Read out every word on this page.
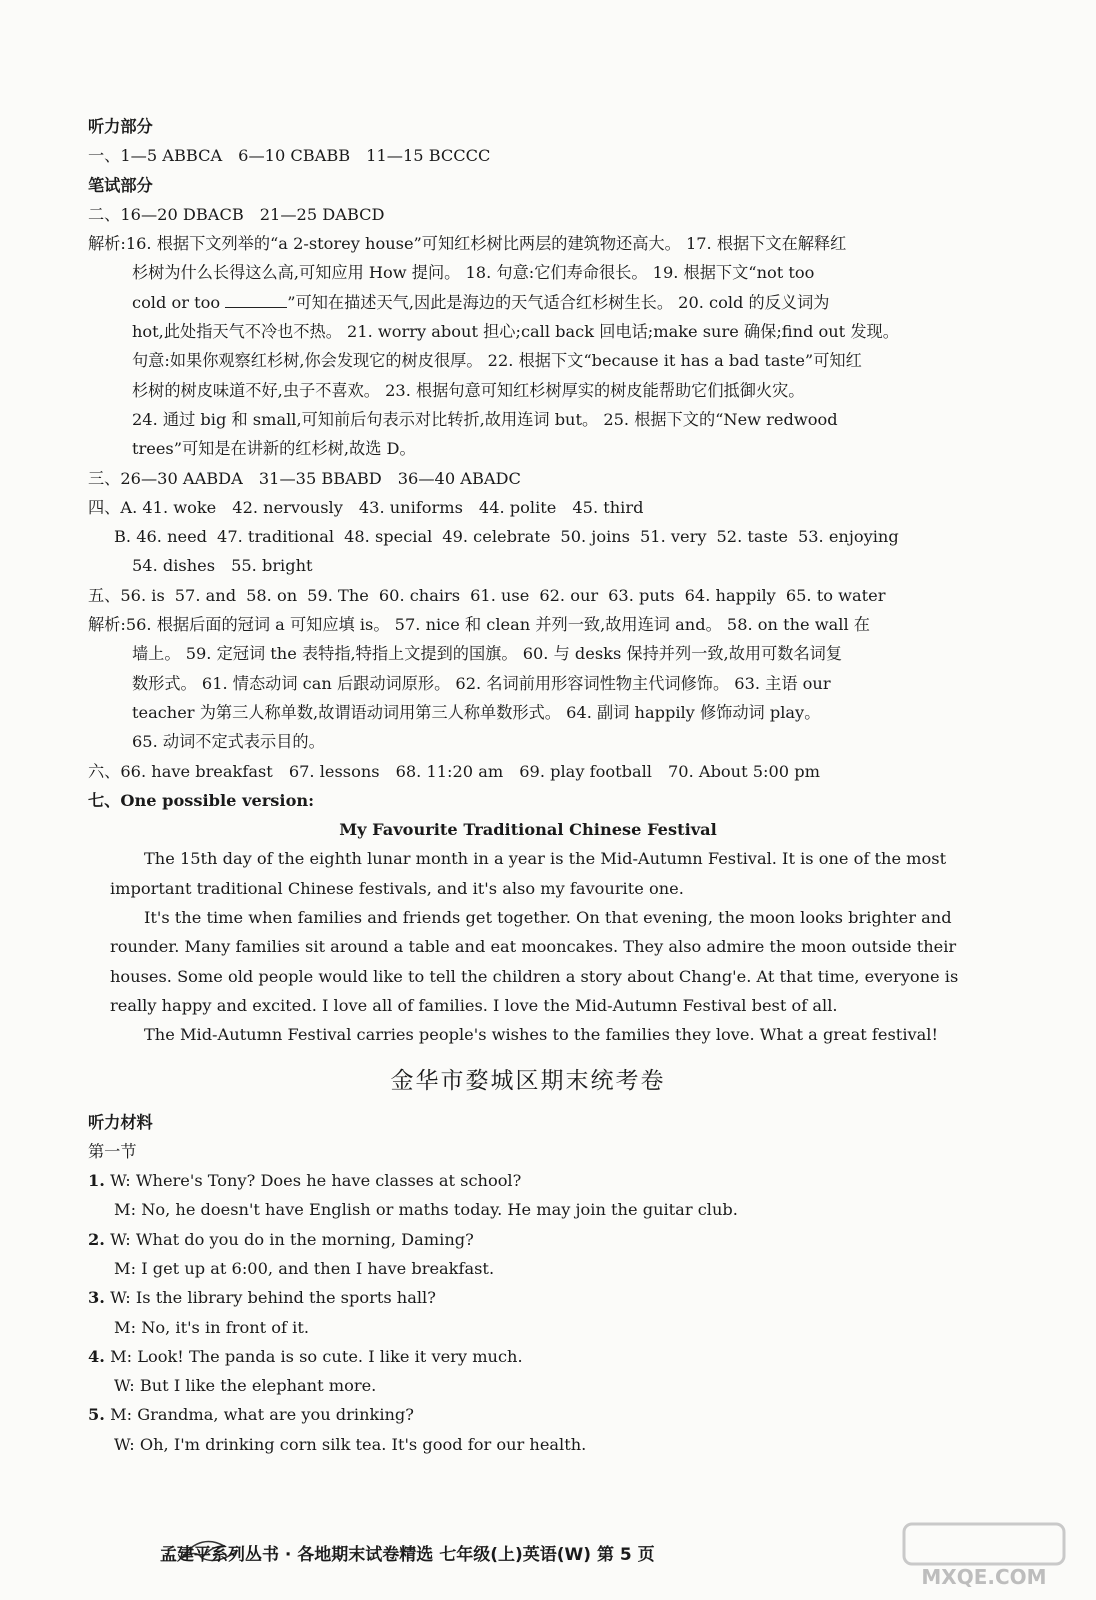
听力部分
一、1—5 ABBCA 6—10 CBABB 11—15 BCCCC
笔试部分
二、16—20 DBACB 21—25 DABCD
解析:16. 根据下文列举的“a 2-storey house”可知红杉树比两层的建筑物还高大。 17. 根据下文在解释红
杉树为什么长得这么高,可知应用 How 提问。 18. 句意:它们寿命很长。 19. 根据下文“not too
cold or too	”可知在描述天气,因此是海边的天气适合红杉树生长。 20. cold 的反义词为
hot,此处指天气不冷也不热。 21. worry about 担心;call back 回电话;make sure 确保;find out 发现。
句意:如果你观察红杉树,你会发现它的树皮很厚。 22. 根据下文“because it has a bad taste”可知红
杉树的树皮味道不好,虫子不喜欢。 23. 根据句意可知红杉树厚实的树皮能帮助它们抵御火灾。
24. 通过 big 和 small,可知前后句表示对比转折,故用连词 but。 25. 根据下文的“New redwood
trees”可知是在讲新的红杉树,故选 D。
三、26—30 AABDA 31—35 BBABD 36—40 ABADC
四、A. 41. woke 42. nervously 43. uniforms 44. polite 45. third
B. 46. need 47. traditional 48. special 49. celebrate 50. joins 51. very 52. taste 53. enjoying
54. dishes 55. bright
五、56. is 57. and 58. on 59. The 60. chairs 61. use 62. our 63. puts 64. happily 65. to water
解析:56. 根据后面的冠词 a 可知应填 is。 57. nice 和 clean 并列一致,故用连词 and。 58. on the wall 在
墙上。 59. 定冠词 the 表特指,特指上文提到的国旗。 60. 与 desks 保持并列一致,故用可数名词复
数形式。 61. 情态动词 can 后跟动词原形。 62. 名词前用形容词性物主代词修饰。 63. 主语 our
teacher 为第三人称单数,故谓语动词用第三人称单数形式。 64. 副词 happily 修饰动词 play。
65. 动词不定式表示目的。
六、66. have breakfast 67. lessons 68. 11:20 am 69. play football 70. About 5:00 pm
七、One possible version:
My Favourite Traditional Chinese Festival
The 15th day of the eighth lunar month in a year is the Mid-Autumn Festival. It is one of the most
important traditional Chinese festivals, and it's also my favourite one.
It's the time when families and friends get together. On that evening, the moon looks brighter and
rounder. Many families sit around a table and eat mooncakes. They also admire the moon outside their
houses. Some old people would like to tell the children a story about Chang'e. At that time, everyone is
really happy and excited. I love all of families. I love the Mid-Autumn Festival best of all.
The Mid-Autumn Festival carries people's wishes to the families they love. What a great festival!
金华市婺城区期末统考卷
听力材料
第一节
1. W: Where's Tony? Does he have classes at school?
M: No, he doesn't have English or maths today. He may join the guitar club.
2. W: What do you do in the morning, Daming?
M: I get up at 6:00, and then I have breakfast.
3. W: Is the library behind the sports hall?
M: No, it's in front of it.
4. M: Look! The panda is so cute. I like it very much.
W: But I like the elephant more.
5. M: Grandma, what are you drinking?
W: Oh, I'm drinking corn silk tea. It's good for our health.
孟建平系列丛书 · 各地期末试卷精选 七年级(上)英语(W) 第 5 页
MXQE.COM
